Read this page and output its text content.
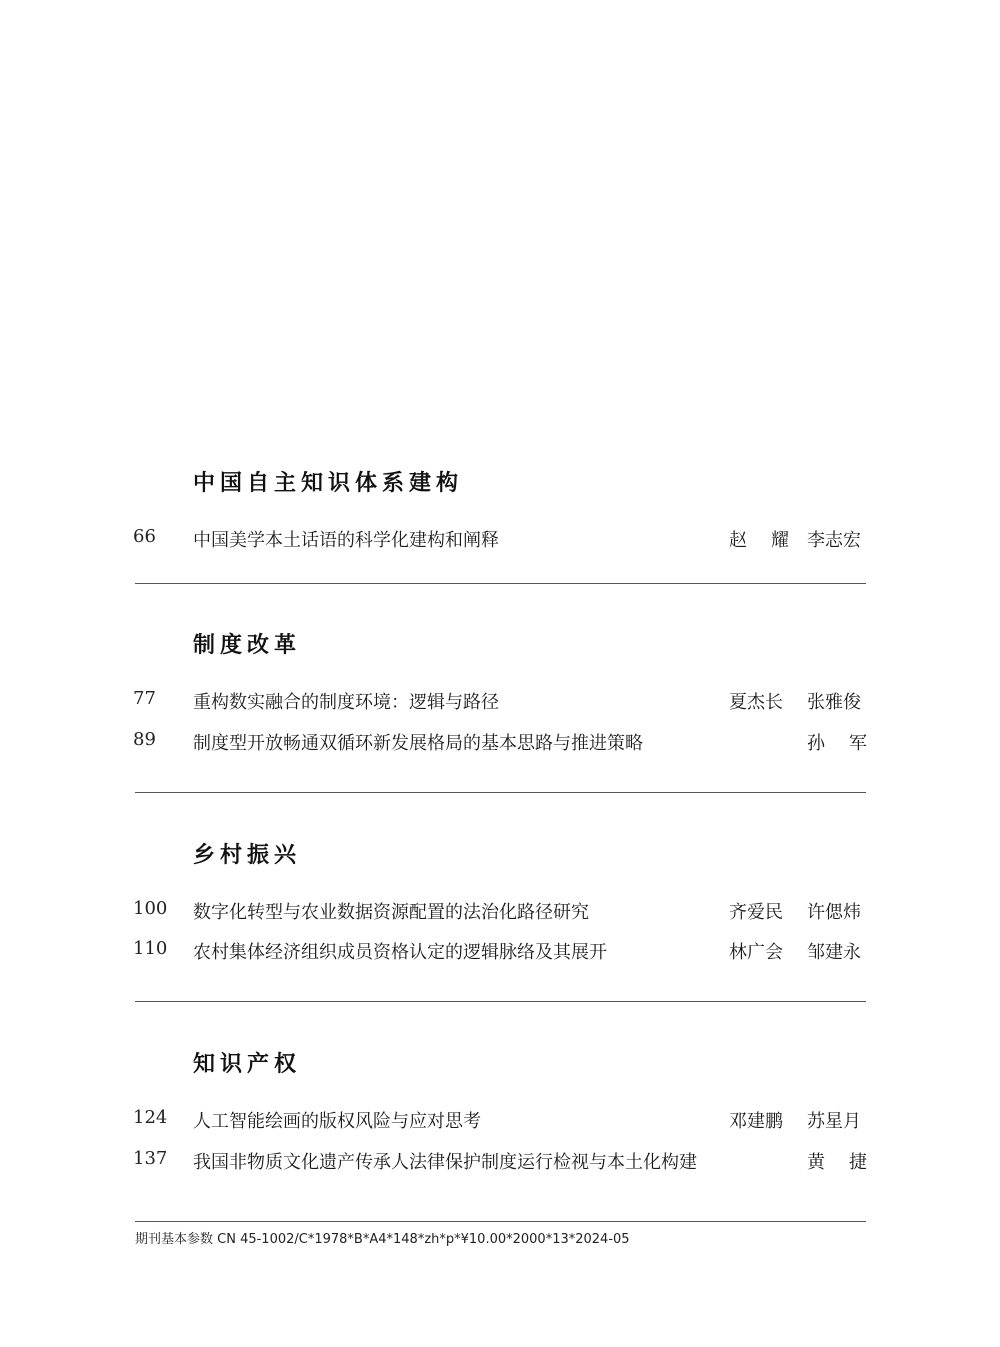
中国自主知识体系建构
66 中国美学本土话语的科学化建构和阐释	赵 耀 李志宏
制度改革
77 重构数实融合的制度环境：逻辑与路径	夏杰长	张雅俊
89 制度型开放畅通双循环新发展格局的基本思路与推进策略	孙 军
乡村振兴
100 数字化转型与农业数据资源配置的法治化路径研究	齐爱民	许偲炜
110 农村集体经济组织成员资格认定的逻辑脉络及其展开	林广会	邹建永
知识产权
124 人工智能绘画的版权风险与应对思考	邓建鹏	苏星月
137 我国非物质文化遗产传承人法律保护制度运行检视与本土化构建	黄 捷
期刊基本参数 CN 45-1002/C*1978*B*A4*148*zh*p*¥10.00*2000*13*2024-05
